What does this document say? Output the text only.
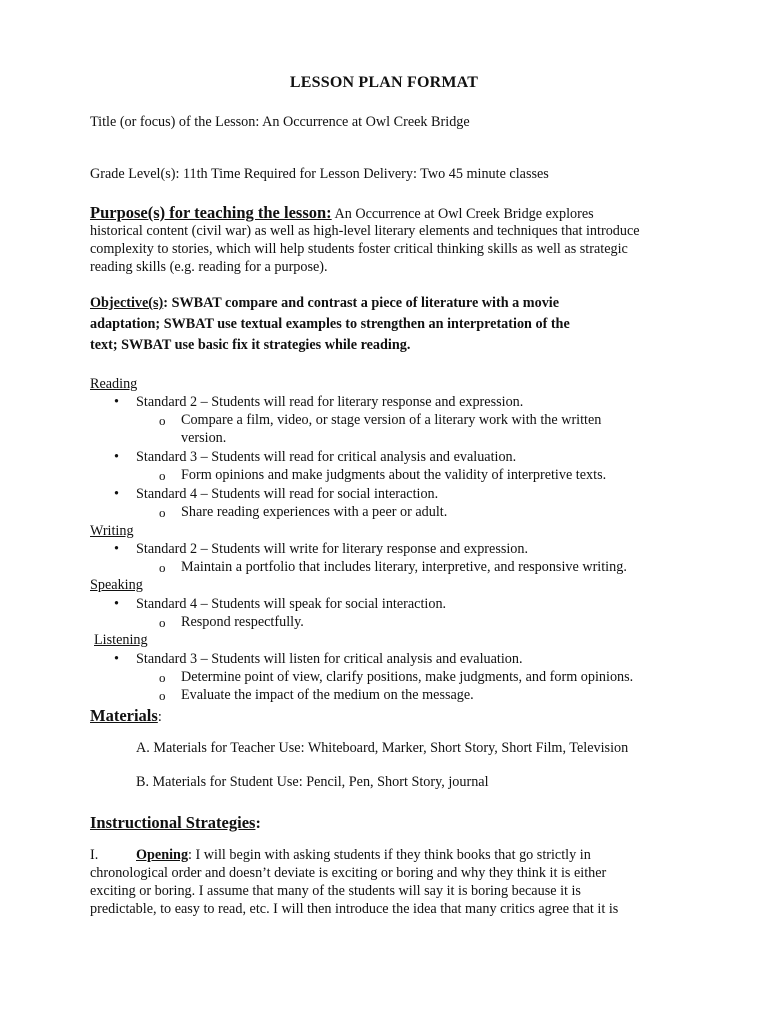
LESSON PLAN FORMAT
Title (or focus) of the Lesson: An Occurrence at Owl Creek Bridge
Grade Level(s): 11th Time Required for Lesson Delivery: Two 45 minute classes
Purpose(s) for teaching the lesson: An Occurrence at Owl Creek Bridge explores
historical content (civil war) as well as high-level literary elements and techniques that introduce
complexity to stories, which will help students foster critical thinking skills as well as strategic
reading skills (e.g. reading for a purpose).
Objective(s): SWBAT compare and contrast a piece of literature with a movie
adaptation; SWBAT use textual examples to strengthen an interpretation of the
text; SWBAT use basic fix it strategies while reading.
Reading
• Standard 2 – Students will read for literary response and expression.
o Compare a film, video, or stage version of a literary work with the written
version.
• Standard 3 – Students will read for critical analysis and evaluation.
o Form opinions and make judgments about the validity of interpretive texts.
• Standard 4 – Students will read for social interaction.
o Share reading experiences with a peer or adult.
Writing
• Standard 2 – Students will write for literary response and expression.
o Maintain a portfolio that includes literary, interpretive, and responsive writing.
Speaking
• Standard 4 – Students will speak for social interaction.
o Respond respectfully.
Listening
• Standard 3 – Students will listen for critical analysis and evaluation.
o Determine point of view, clarify positions, make judgments, and form opinions.
o Evaluate the impact of the medium on the message.
Materials:
A. Materials for Teacher Use: Whiteboard, Marker, Short Story, Short Film, Television
B. Materials for Student Use: Pencil, Pen, Short Story, journal
Instructional Strategies:
I.	Opening: I will begin with asking students if they think books that go strictly in
chronological order and doesn’t deviate is exciting or boring and why they think it is either
exciting or boring. I assume that many of the students will say it is boring because it is
predictable, to easy to read, etc. I will then introduce the idea that many critics agree that it is
